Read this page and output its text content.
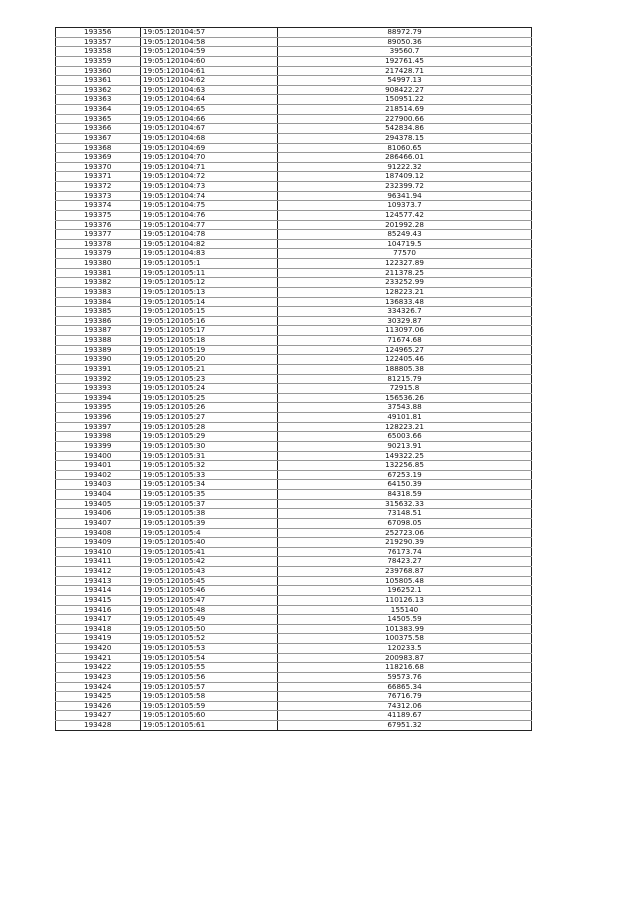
193356	19:05:120104:57	88972.79
193357	19:05:120104:58	89050.36
193358	19:05:120104:59	39560.7
193359	19:05:120104:60	192761.45
193360	19:05:120104:61	217428.71
193361	19:05:120104:62	54997.13
193362	19:05:120104:63	908422.27
193363	19:05:120104:64	150951.22
193364	19:05:120104:65	218514.69
193365	19:05:120104:66	227900.66
193366	19:05:120104:67	542834.86
193367	19:05:120104:68	294378.15
193368	19:05:120104:69	81060.65
193369	19:05:120104:70	286466.01
193370	19:05:120104:71	91222.32
193371	19:05:120104:72	187409.12
193372	19:05:120104:73	232399.72
193373	19:05:120104:74	96341.94
193374	19:05:120104:75	109373.7
193375	19:05:120104:76	124577.42
193376	19:05:120104:77	201992.28
193377	19:05:120104:78	85249.43
193378	19:05:120104:82	104719.5
193379	19:05:120104:83	77570
193380	19:05:120105:1	122327.89
193381	19:05:120105:11	211378.25
193382	19:05:120105:12	233252.99
193383	19:05:120105:13	128223.21
193384	19:05:120105:14	136833.48
193385	19:05:120105:15	334326.7
193386	19:05:120105:16	30329.87
193387	19:05:120105:17	113097.06
193388	19:05:120105:18	71674.68
193389	19:05:120105:19	124965.27
193390	19:05:120105:20	122405.46
193391	19:05:120105:21	188805.38
193392	19:05:120105:23	81215.79
193393	19:05:120105:24	72915.8
193394	19:05:120105:25	156536.26
193395	19:05:120105:26	37543.88
193396	19:05:120105:27	49101.81
193397	19:05:120105:28	128223.21
193398	19:05:120105:29	65003.66
193399	19:05:120105:30	90213.91
193400	19:05:120105:31	149322.25
193401	19:05:120105:32	132256.85
193402	19:05:120105:33	67253.19
193403	19:05:120105:34	64150.39
193404	19:05:120105:35	84318.59
193405	19:05:120105:37	315632.33
193406	19:05:120105:38	73148.51
193407	19:05:120105:39	67098.05
193408	19:05:120105:4	252723.06
193409	19:05:120105:40	219290.39
193410	19:05:120105:41	76173.74
193411	19:05:120105:42	78423.27
193412	19:05:120105:43	239768.87
193413	19:05:120105:45	105805.48
193414	19:05:120105:46	196252.1
193415	19:05:120105:47	110126.13
193416	19:05:120105:48	155140
193417	19:05:120105:49	14505.59
193418	19:05:120105:50	101383.99
193419	19:05:120105:52	100375.58
193420	19:05:120105:53	120233.5
193421	19:05:120105:54	200983.87
193422	19:05:120105:55	118216.68
193423	19:05:120105:56	59573.76
193424	19:05:120105:57	66865.34
193425	19:05:120105:58	76716.79
193426	19:05:120105:59	74312.06
193427	19:05:120105:60	41189.67
193428	19:05:120105:61	67951.32
